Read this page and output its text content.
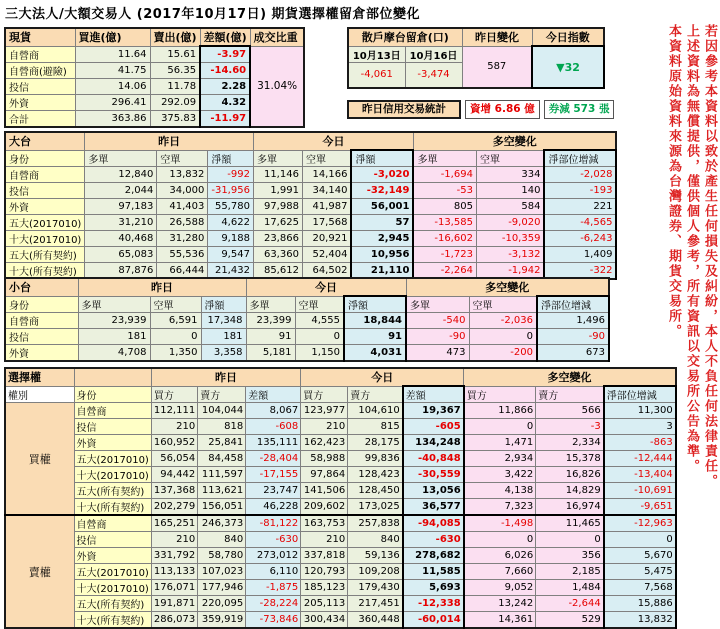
三大法人/大額交易人 (2017年10月17日) 期貨選擇權留倉部位變化
現貨	買進(億)	賣出(億)	差額(億)	成交比重
自營商	11.64	15.61	-3.97	31.04%
自營商(避險)	41.75	56.35	-14.60	
投信	14.06	11.78	2.28	
外資	296.41	292.09	4.32	
合計	363.86	375.83	-11.97	
散戶摩台留倉(口)		昨日變化	今日指數
10月13日	10月16日	587	▼32
-4,061	-3,474		
昨日信用交易統計	資增 6.86 億	券減 573 張
大台	昨日			今日			多空變化		
身份	多單	空單	淨額	多單	空單	淨額	多單	空單	淨部位增減
自營商	12,840	13,832	-992	11,146	14,166	-3,020	-1,694	334	-2,028
投信	2,044	34,000	-31,956	1,991	34,140	-32,149	-53	140	-193
外資	97,183	41,403	55,780	97,988	41,987	56,001	805	584	221
五大(2017010)	31,210	26,588	4,622	17,625	17,568	57	-13,585	-9,020	-4,565
十大(2017010)	40,468	31,280	9,188	23,866	20,921	2,945	-16,602	-10,359	-6,243
五大(所有契約)	65,083	55,536	9,547	63,360	52,404	10,956	-1,723	-3,132	1,409
十大(所有契約)	87,876	66,444	21,432	85,612	64,502	21,110	-2,264	-1,942	-322
小台	昨日			今日			多空變化		
身份	多單	空單	淨額	多單	空單	淨額	多單	空單	淨部位增減
自營商	23,939	6,591	17,348	23,399	4,555	18,844	-540	-2,036	1,496
投信	181	0	181	91	0	91	-90	0	-90
外資	4,708	1,350	3,358	5,181	1,150	4,031	473	-200	673
選擇權		昨日			今日			多空變化		
權別	身份	買方	賣方	差額	買方	賣方	差額	買方	賣方	淨部位增減
買權	自營商	112,111	104,044	8,067	123,977	104,610	19,367	11,866	566	11,300
	投信	210	818	-608	210	815	-605	0	-3	3
	外資	160,952	25,841	135,111	162,423	28,175	134,248	1,471	2,334	-863
	五大(2017010)	56,054	84,458	-28,404	58,988	99,836	-40,848	2,934	15,378	-12,444
	十大(2017010)	94,442	111,597	-17,155	97,864	128,423	-30,559	3,422	16,826	-13,404
	五大(所有契約)	137,368	113,621	23,747	141,506	128,450	13,056	4,138	14,829	-10,691
	十大(所有契約)	202,279	156,051	46,228	209,602	173,025	36,577	7,323	16,974	-9,651
賣權	自營商	165,251	246,373	-81,122	163,753	257,838	-94,085	-1,498	11,465	-12,963
	投信	210	840	-630	210	840	-630	0	0	0
	外資	331,792	58,780	273,012	337,818	59,136	278,682	6,026	356	5,670
	五大(2017010)	113,133	107,023	6,110	120,793	109,208	11,585	7,660	2,185	5,475
	十大(2017010)	176,071	177,946	-1,875	185,123	179,430	5,693	9,052	1,484	7,568
	五大(所有契約)	191,871	220,095	-28,224	205,113	217,451	-12,338	13,242	-2,644	15,886
	十大(所有契約)	286,073	359,919	-73,846	300,434	360,448	-60,014	14,361	529	13,832
若因參考本資料以致於產生任何損失及糾紛，本人不負任何法律責任。
上述資料為無償提供，僅供個人參考，所有資訊以交易所公告為準。
本資料原始資料來源為台灣證券、期貨交易所。
